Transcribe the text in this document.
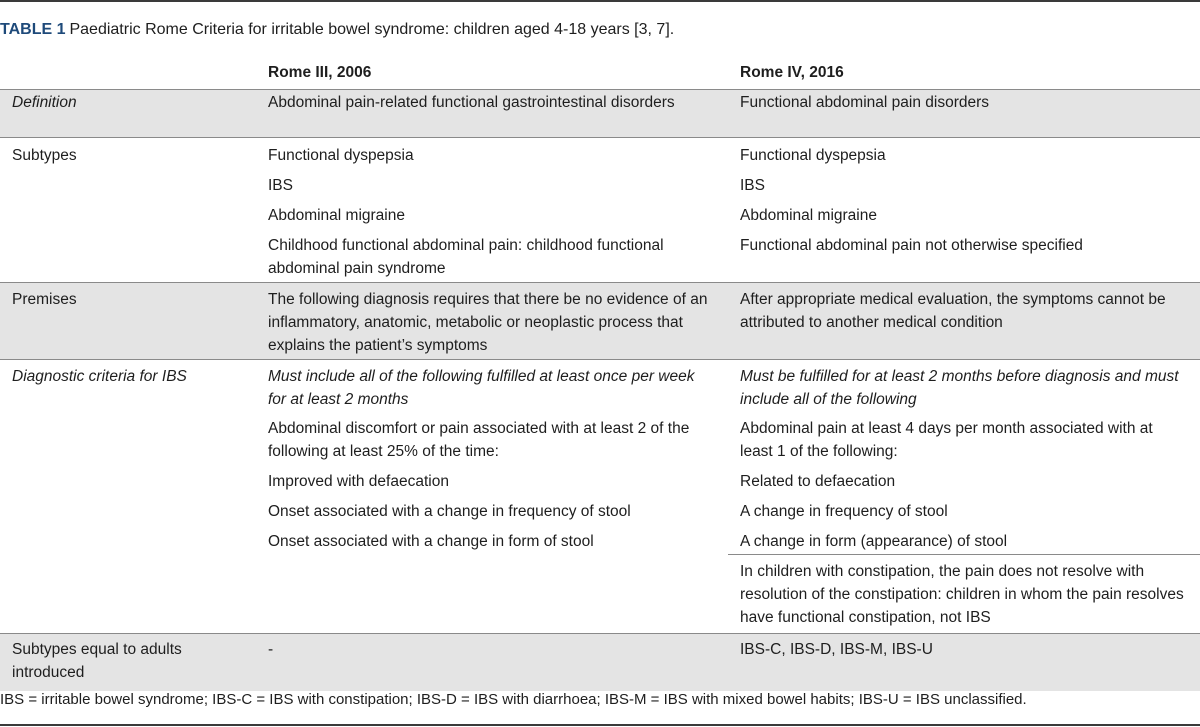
TABLE 1 Paediatric Rome Criteria for irritable bowel syndrome: children aged 4-18 years [3, 7].
	Rome III, 2006	Rome IV, 2016
Definition	Abdominal pain-related functional gastrointestinal disorders	Functional abdominal pain disorders
Subtypes	Functional dyspepsia	Functional dyspepsia
	IBS	IBS
	Abdominal migraine	Abdominal migraine
	Childhood functional abdominal pain: childhood functional abdominal pain syndrome	Functional abdominal pain not otherwise specified
Premises	The following diagnosis requires that there be no evidence of an inflammatory, anatomic, metabolic or neoplastic process that explains the patient’s symptoms	After appropriate medical evaluation, the symptoms cannot be attributed to another medical condition
Diagnostic criteria for IBS	Must include all of the following fulfilled at least once per week for at least 2 months	Must be fulfilled for at least 2 months before diagnosis and must include all of the following
	Abdominal discomfort or pain associated with at least 2 of the following at least 25% of the time:	Abdominal pain at least 4 days per month associated with at least 1 of the following:
	Improved with defaecation	Related to defaecation
	Onset associated with a change in frequency of stool	A change in frequency of stool
	Onset associated with a change in form of stool	A change in form (appearance) of stool
		In children with constipation, the pain does not resolve with resolution of the constipation: children in whom the pain resolves have functional constipation, not IBS
Subtypes equal to adults introduced	-	IBS-C, IBS-D, IBS-M, IBS-U
IBS = irritable bowel syndrome; IBS-C = IBS with constipation; IBS-D = IBS with diarrhoea; IBS-M = IBS with mixed bowel habits; IBS-U = IBS unclassified.
